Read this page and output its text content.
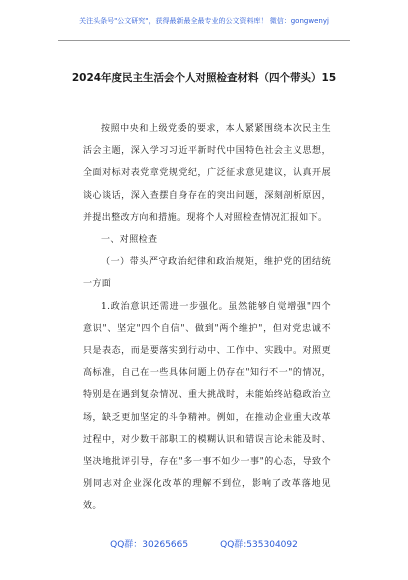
关注头条号"公文研究"，获得最新最全最专业的公文资料库！ 微信：gongwenyj
2024年度民主生活会个人对照检查材料（四个带头）15

按照中央和上级党委的要求，本人紧紧围绕本次民主生活会主题，深入学习习近平新时代中国特色社会主义思想，全面对标对表党章党规党纪，广泛征求意见建议，认真开展谈心谈话，深入查摆自身存在的突出问题，深刻剖析原因，并提出整改方向和措施。现将个人对照检查情况汇报如下。

一、对照检查

（一）带头严守政治纪律和政治规矩，维护党的团结统一方面

1.政治意识还需进一步强化。虽然能够自觉增强"四个意识"、坚定"四个自信"、做到"两个维护"，但对党忠诚不只是表态，而是要落实到行动中、工作中、实践中。对照更高标准，自己在一些具体问题上仍存在"知行不一"的情况，特别是在遇到复杂情况、重大挑战时，未能始终站稳政治立场，缺乏更加坚定的斗争精神。例如，在推动企业重大改革过程中，对少数干部职工的模糊认识和错误言论未能及时、坚决地批评引导，存在"多一事不如少一事"的心态，导致个别同志对企业深化改革的理解不到位，影响了改革落地见效。

QQ群：30265665	QQ群:535304092
